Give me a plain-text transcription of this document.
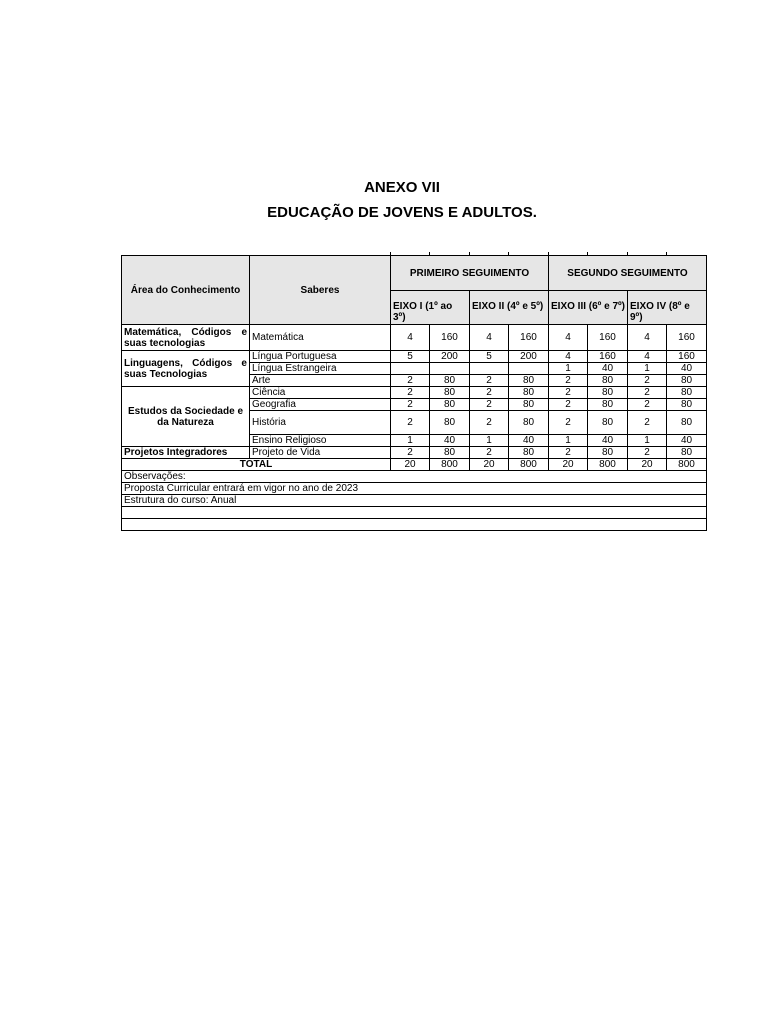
ANEXO VII
EDUCAÇÃO DE JOVENS E ADULTOS.
Área do Conhecimento	Saberes	PRIMEIRO SEGUIMENTO				SEGUNDO SEGUIMENTO			
		EIXO I (1º ao 3º)		EIXO II (4º e 5º)		EIXO III (6º e 7º)		EIXO IV (8º e 9º)	
Matemática, Códigos e suas tecnologias	Matemática	4	160	4	160	4	160	4	160
Linguagens, Códigos e suas Tecnologias	Língua Portuguesa	5	200	5	200	4	160	4	160
	Língua Estrangeira					1	40	1	40
	Arte	2	80	2	80	2	80	2	80
Estudos da Sociedade e da Natureza	Ciência	2	80	2	80	2	80	2	80
	Geografia	2	80	2	80	2	80	2	80
	História	2	80	2	80	2	80	2	80
	Ensino Religioso	1	40	1	40	1	40	1	40
Projetos Integradores	Projeto de Vida	2	80	2	80	2	80	2	80
TOTAL		20	800	20	800	20	800	20	800
Observações:									
Proposta Curricular entrará em vigor no ano de 2023									
Estrutura do curso: Anual									
